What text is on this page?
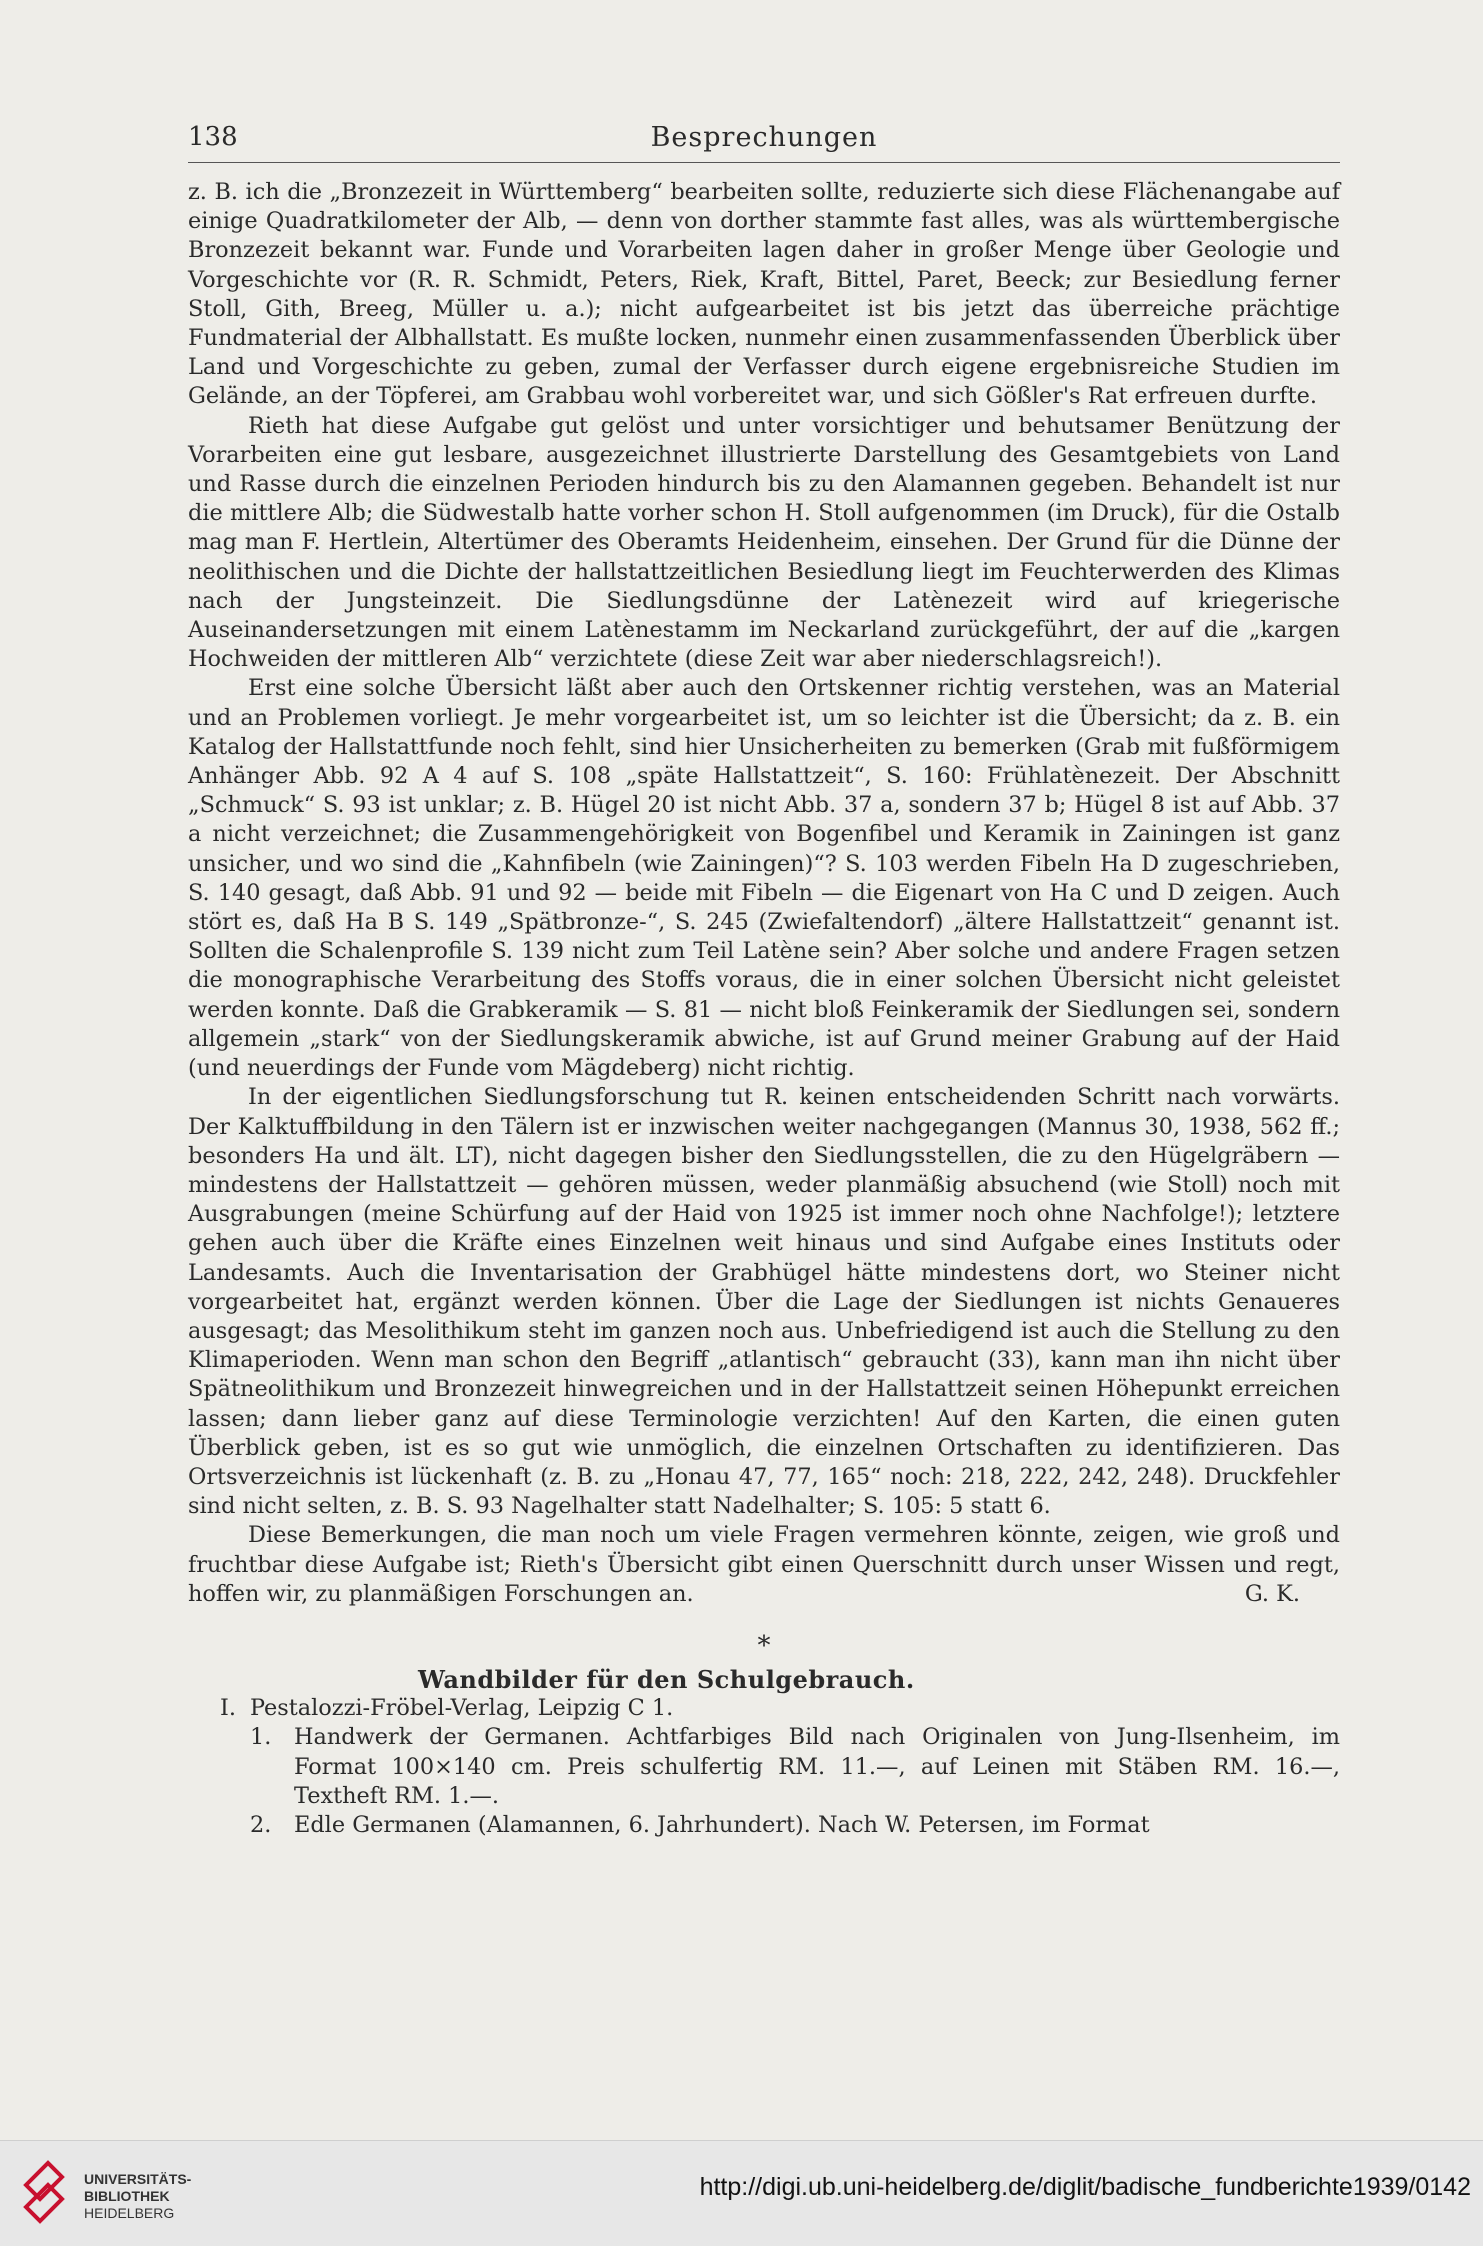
138	Besprechungen

z. B. ich die „Bronzezeit in Württemberg“ bearbeiten sollte, reduzierte sich diese Flächenangabe auf einige Quadratkilometer der Alb, — denn von dorther stammte fast alles, was als württembergische Bronzezeit bekannt war. Funde und Vorarbeiten lagen daher in großer Menge über Geologie und Vorgeschichte vor (R. R. Schmidt, Peters, Riek, Kraft, Bittel, Paret, Beeck; zur Besiedlung ferner Stoll, Gith, Breeg, Müller u. a.); nicht aufgearbeitet ist bis jetzt das überreiche prächtige Fundmaterial der Albhallstatt. Es mußte locken, nunmehr einen zusammenfassenden Überblick über Land und Vorgeschichte zu geben, zumal der Verfasser durch eigene ergebnisreiche Studien im Gelände, an der Töpferei, am Grabbau wohl vorbereitet war, und sich Gößler's Rat erfreuen durfte.

Rieth hat diese Aufgabe gut gelöst und unter vorsichtiger und behutsamer Benützung der Vorarbeiten eine gut lesbare, ausgezeichnet illustrierte Darstellung des Gesamtgebiets von Land und Rasse durch die einzelnen Perioden hindurch bis zu den Alamannen gegeben. Behandelt ist nur die mittlere Alb; die Südwestalb hatte vorher schon H. Stoll aufgenommen (im Druck), für die Ostalb mag man F. Hertlein, Altertümer des Oberamts Heidenheim, einsehen. Der Grund für die Dünne der neolithischen und die Dichte der hallstattzeitlichen Besiedlung liegt im Feuchterwerden des Klimas nach der Jungsteinzeit. Die Siedlungsdünne der Latènezeit wird auf kriegerische Auseinandersetzungen mit einem Latènestamm im Neckarland zurückgeführt, der auf die „kargen Hochweiden der mittleren Alb“ verzichtete (diese Zeit war aber niederschlagsreich!).

Erst eine solche Übersicht läßt aber auch den Ortskenner richtig verstehen, was an Material und an Problemen vorliegt. Je mehr vorgearbeitet ist, um so leichter ist die Übersicht; da z. B. ein Katalog der Hallstattfunde noch fehlt, sind hier Unsicherheiten zu bemerken (Grab mit fußförmigem Anhänger Abb. 92 A 4 auf S. 108 „späte Hallstattzeit“, S. 160: Frühlatènezeit. Der Abschnitt „Schmuck“ S. 93 ist unklar; z. B. Hügel 20 ist nicht Abb. 37 a, sondern 37 b; Hügel 8 ist auf Abb. 37 a nicht verzeichnet; die Zusammengehörigkeit von Bogenfibel und Keramik in Zainingen ist ganz unsicher, und wo sind die „Kahnfibeln (wie Zainingen)“? S. 103 werden Fibeln Ha D zugeschrieben, S. 140 gesagt, daß Abb. 91 und 92 — beide mit Fibeln — die Eigenart von Ha C und D zeigen. Auch stört es, daß Ha B S. 149 „Spätbronze-“, S. 245 (Zwiefaltendorf) „ältere Hallstattzeit“ genannt ist. Sollten die Schalenprofile S. 139 nicht zum Teil Latène sein? Aber solche und andere Fragen setzen die monographische Verarbeitung des Stoffs voraus, die in einer solchen Übersicht nicht geleistet werden konnte. Daß die Grabkeramik — S. 81 — nicht bloß Feinkeramik der Siedlungen sei, sondern allgemein „stark“ von der Siedlungskeramik abwiche, ist auf Grund meiner Grabung auf der Haid (und neuerdings der Funde vom Mägdeberg) nicht richtig.

In der eigentlichen Siedlungsforschung tut R. keinen entscheidenden Schritt nach vorwärts. Der Kalktuffbildung in den Tälern ist er inzwischen weiter nachgegangen (Mannus 30, 1938, 562 ff.; besonders Ha und ält. LT), nicht dagegen bisher den Siedlungsstellen, die zu den Hügelgräbern — mindestens der Hallstattzeit — gehören müssen, weder planmäßig absuchend (wie Stoll) noch mit Ausgrabungen (meine Schürfung auf der Haid von 1925 ist immer noch ohne Nachfolge!); letztere gehen auch über die Kräfte eines Einzelnen weit hinaus und sind Aufgabe eines Instituts oder Landesamts. Auch die Inventarisation der Grabhügel hätte mindestens dort, wo Steiner nicht vorgearbeitet hat, ergänzt werden können. Über die Lage der Siedlungen ist nichts Genaueres ausgesagt; das Mesolithikum steht im ganzen noch aus. Unbefriedigend ist auch die Stellung zu den Klimaperioden. Wenn man schon den Begriff „atlantisch“ gebraucht (33), kann man ihn nicht über Spätneolithikum und Bronzezeit hinwegreichen und in der Hallstattzeit seinen Höhepunkt erreichen lassen; dann lieber ganz auf diese Terminologie verzichten! Auf den Karten, die einen guten Überblick geben, ist es so gut wie unmöglich, die einzelnen Ortschaften zu identifizieren. Das Ortsverzeichnis ist lückenhaft (z. B. zu „Honau 47, 77, 165“ noch: 218, 222, 242, 248). Druckfehler sind nicht selten, z. B. S. 93 Nagelhalter statt Nadelhalter; S. 105: 5 statt 6.

Diese Bemerkungen, die man noch um viele Fragen vermehren könnte, zeigen, wie groß und fruchtbar diese Aufgabe ist; Rieth's Übersicht gibt einen Querschnitt durch unser Wissen und regt, hoffen wir, zu planmäßigen Forschungen an.	G. K.

*

Wandbilder für den Schulgebrauch.

I. Pestalozzi-Fröbel-Verlag, Leipzig C 1.
1.	Handwerk der Germanen. Achtfarbiges Bild nach Originalen von Jung-Ilsenheim, im Format 100×140 cm. Preis schulfertig RM. 11.—, auf Leinen mit Stäben RM. 16.—, Textheft RM. 1.—.
2.	Edle Germanen (Alamannen, 6. Jahrhundert). Nach W. Petersen, im Format
UNIVERSITÄTS-
BIBLIOTHEK
HEIDELBERG
http://digi.ub.uni-heidelberg.de/diglit/badische_fundberichte1939/0142
